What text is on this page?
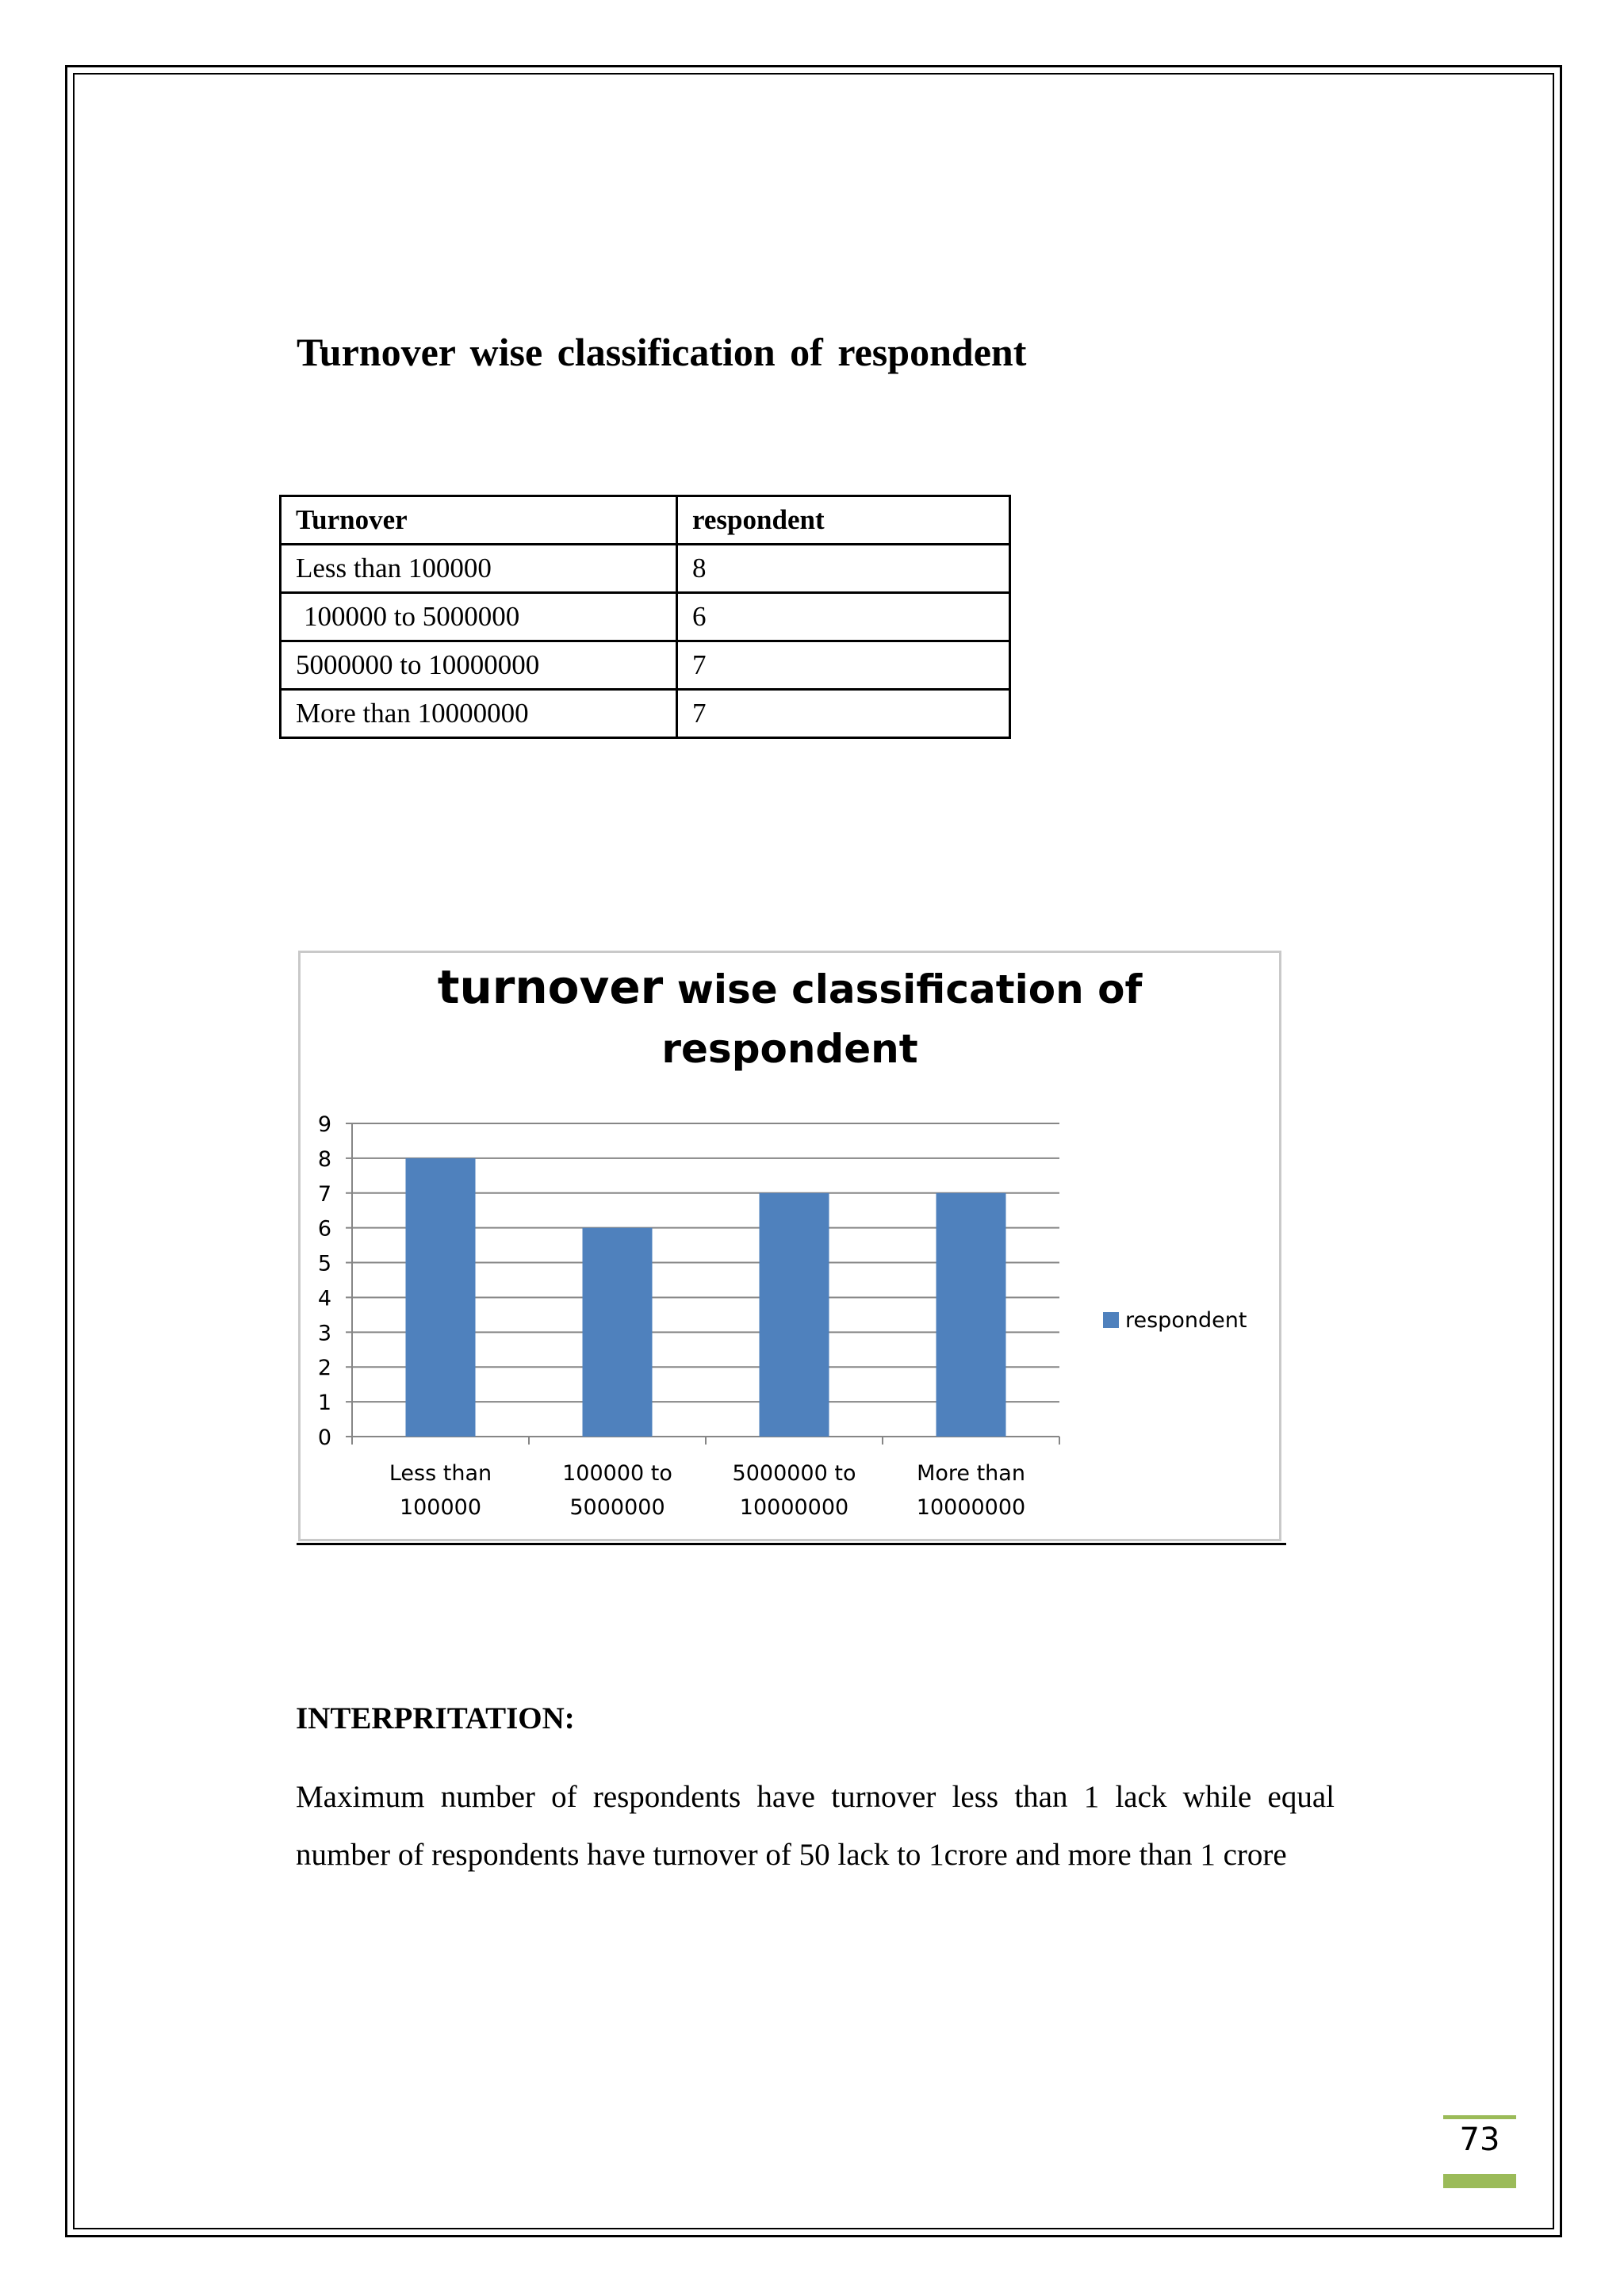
Turnover wise classification of respondent
Turnover	respondent
Less than 100000	8
100000 to 5000000	6
5000000 to 10000000	7
More than 10000000	7
turnover wise classification of
respondent
0
1
2
3
4
5
6
7
8
9
Less than
100000
100000 to
5000000
5000000 to
10000000
More than
10000000
respondent
INTERPRITATION:

Maximum number of respondents have turnover less than 1 lack while equal number of respondents have turnover of 50 lack to 1crore and more than 1 crore

73
